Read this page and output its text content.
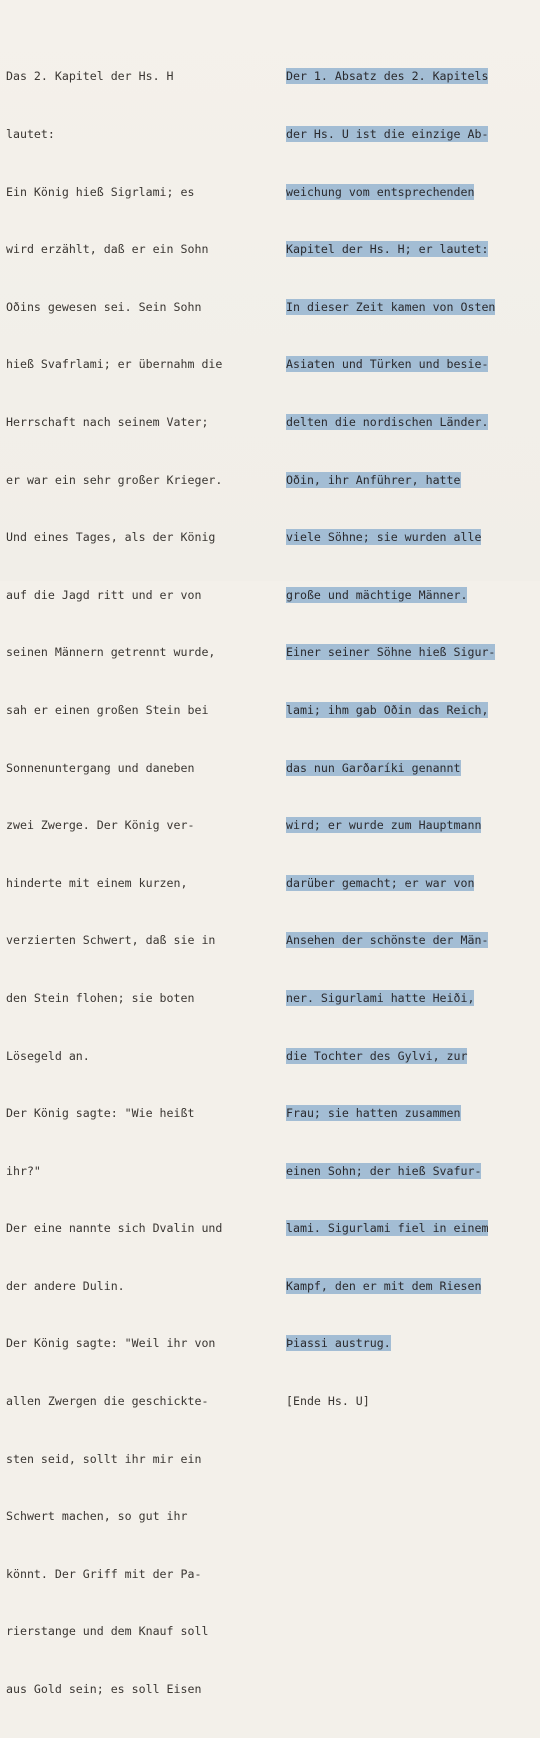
Das 2. Kapitel der Hs. H

lautet:

Ein König hieß Sigrlami; es

wird erzählt, daß er ein Sohn

Oðins gewesen sei. Sein Sohn

hieß Svafrlami; er übernahm die

Herrschaft nach seinem Vater;

er war ein sehr großer Krieger.

Und eines Tages, als der König

auf die Jagd ritt und er von

seinen Männern getrennt wurde,

sah er einen großen Stein bei

Sonnenuntergang und daneben

zwei Zwerge. Der König ver-

hinderte mit einem kurzen,

verzierten Schwert, daß sie in

den Stein flohen; sie boten

Lösegeld an.

Der König sagte: "Wie heißt

ihr?"

Der eine nannte sich Dvalin und

der andere Dulin.

Der König sagte: "Weil ihr von

allen Zwergen die geschickte-

sten seid, sollt ihr mir ein

Schwert machen, so gut ihr

könnt. Der Griff mit der Pa-

rierstange und dem Knauf soll

aus Gold sein; es soll Eisen

Der 1. Absatz des 2. Kapitels

der Hs. U ist die einzige Ab-

weichung vom entsprechenden

Kapitel der Hs. H; er lautet:

In dieser Zeit kamen von Osten

Asiaten und Türken und besie-

delten die nordischen Länder.

Oðin, ihr Anführer, hatte

viele Söhne; sie wurden alle

große und mächtige Männer.

Einer seiner Söhne hieß Sigur-

lami; ihm gab Oðin das Reich,

das nun Garðaríki genannt

wird; er wurde zum Hauptmann

darüber gemacht; er war von

Ansehen der schönste der Män-

ner. Sigurlami hatte Heiði,

die Tochter des Gylvi, zur

Frau; sie hatten zusammen

einen Sohn; der hieß Svafur-

lami. Sigurlami fiel in einem

Kampf, den er mit dem Riesen

Þiassi austrug.

[Ende Hs. U]
